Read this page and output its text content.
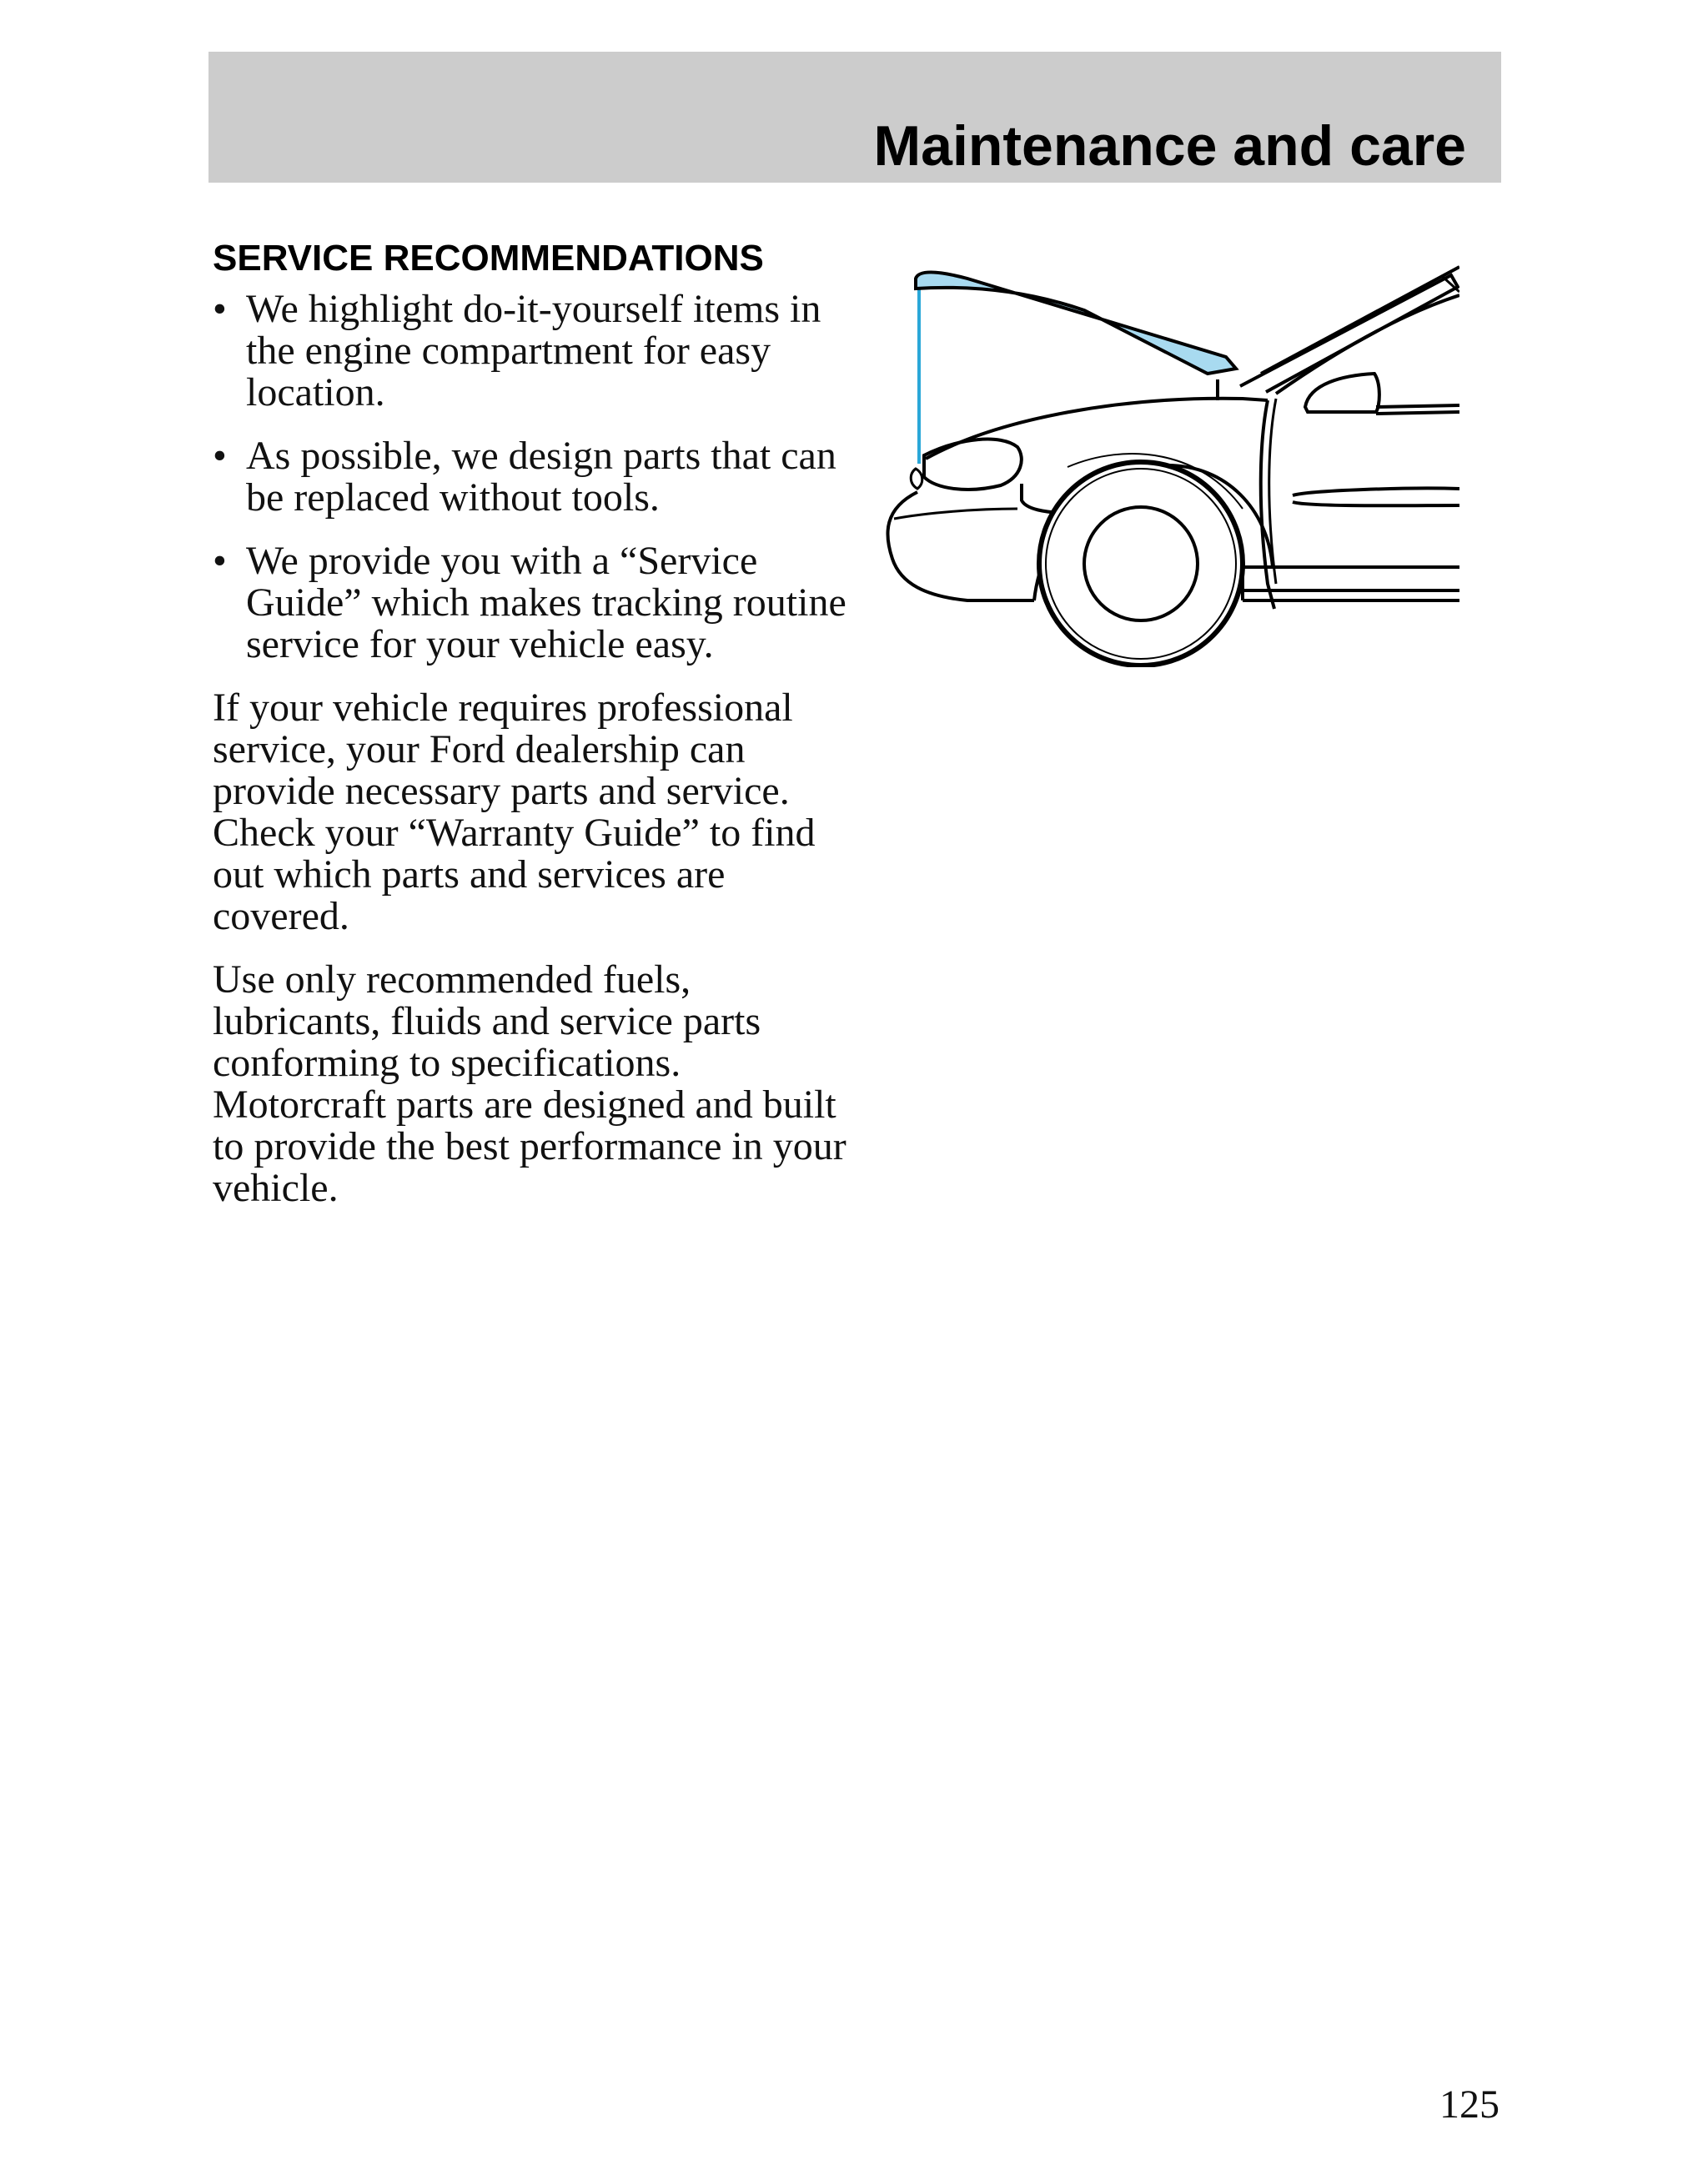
Maintenance and care
SERVICE RECOMMENDATIONS
• We highlight do-it-yourself items in the engine compartment for easy location.
• As possible, we design parts that can be replaced without tools.
• We provide you with a “Service Guide” which makes tracking routine service for your vehicle easy.

If your vehicle requires professional service, your Ford dealership can provide necessary parts and service. Check your “Warranty Guide” to find out which parts and services are covered.

Use only recommended fuels, lubricants, fluids and service parts conforming to specifications. Motorcraft parts are designed and built to provide the best performance in your vehicle.

125
